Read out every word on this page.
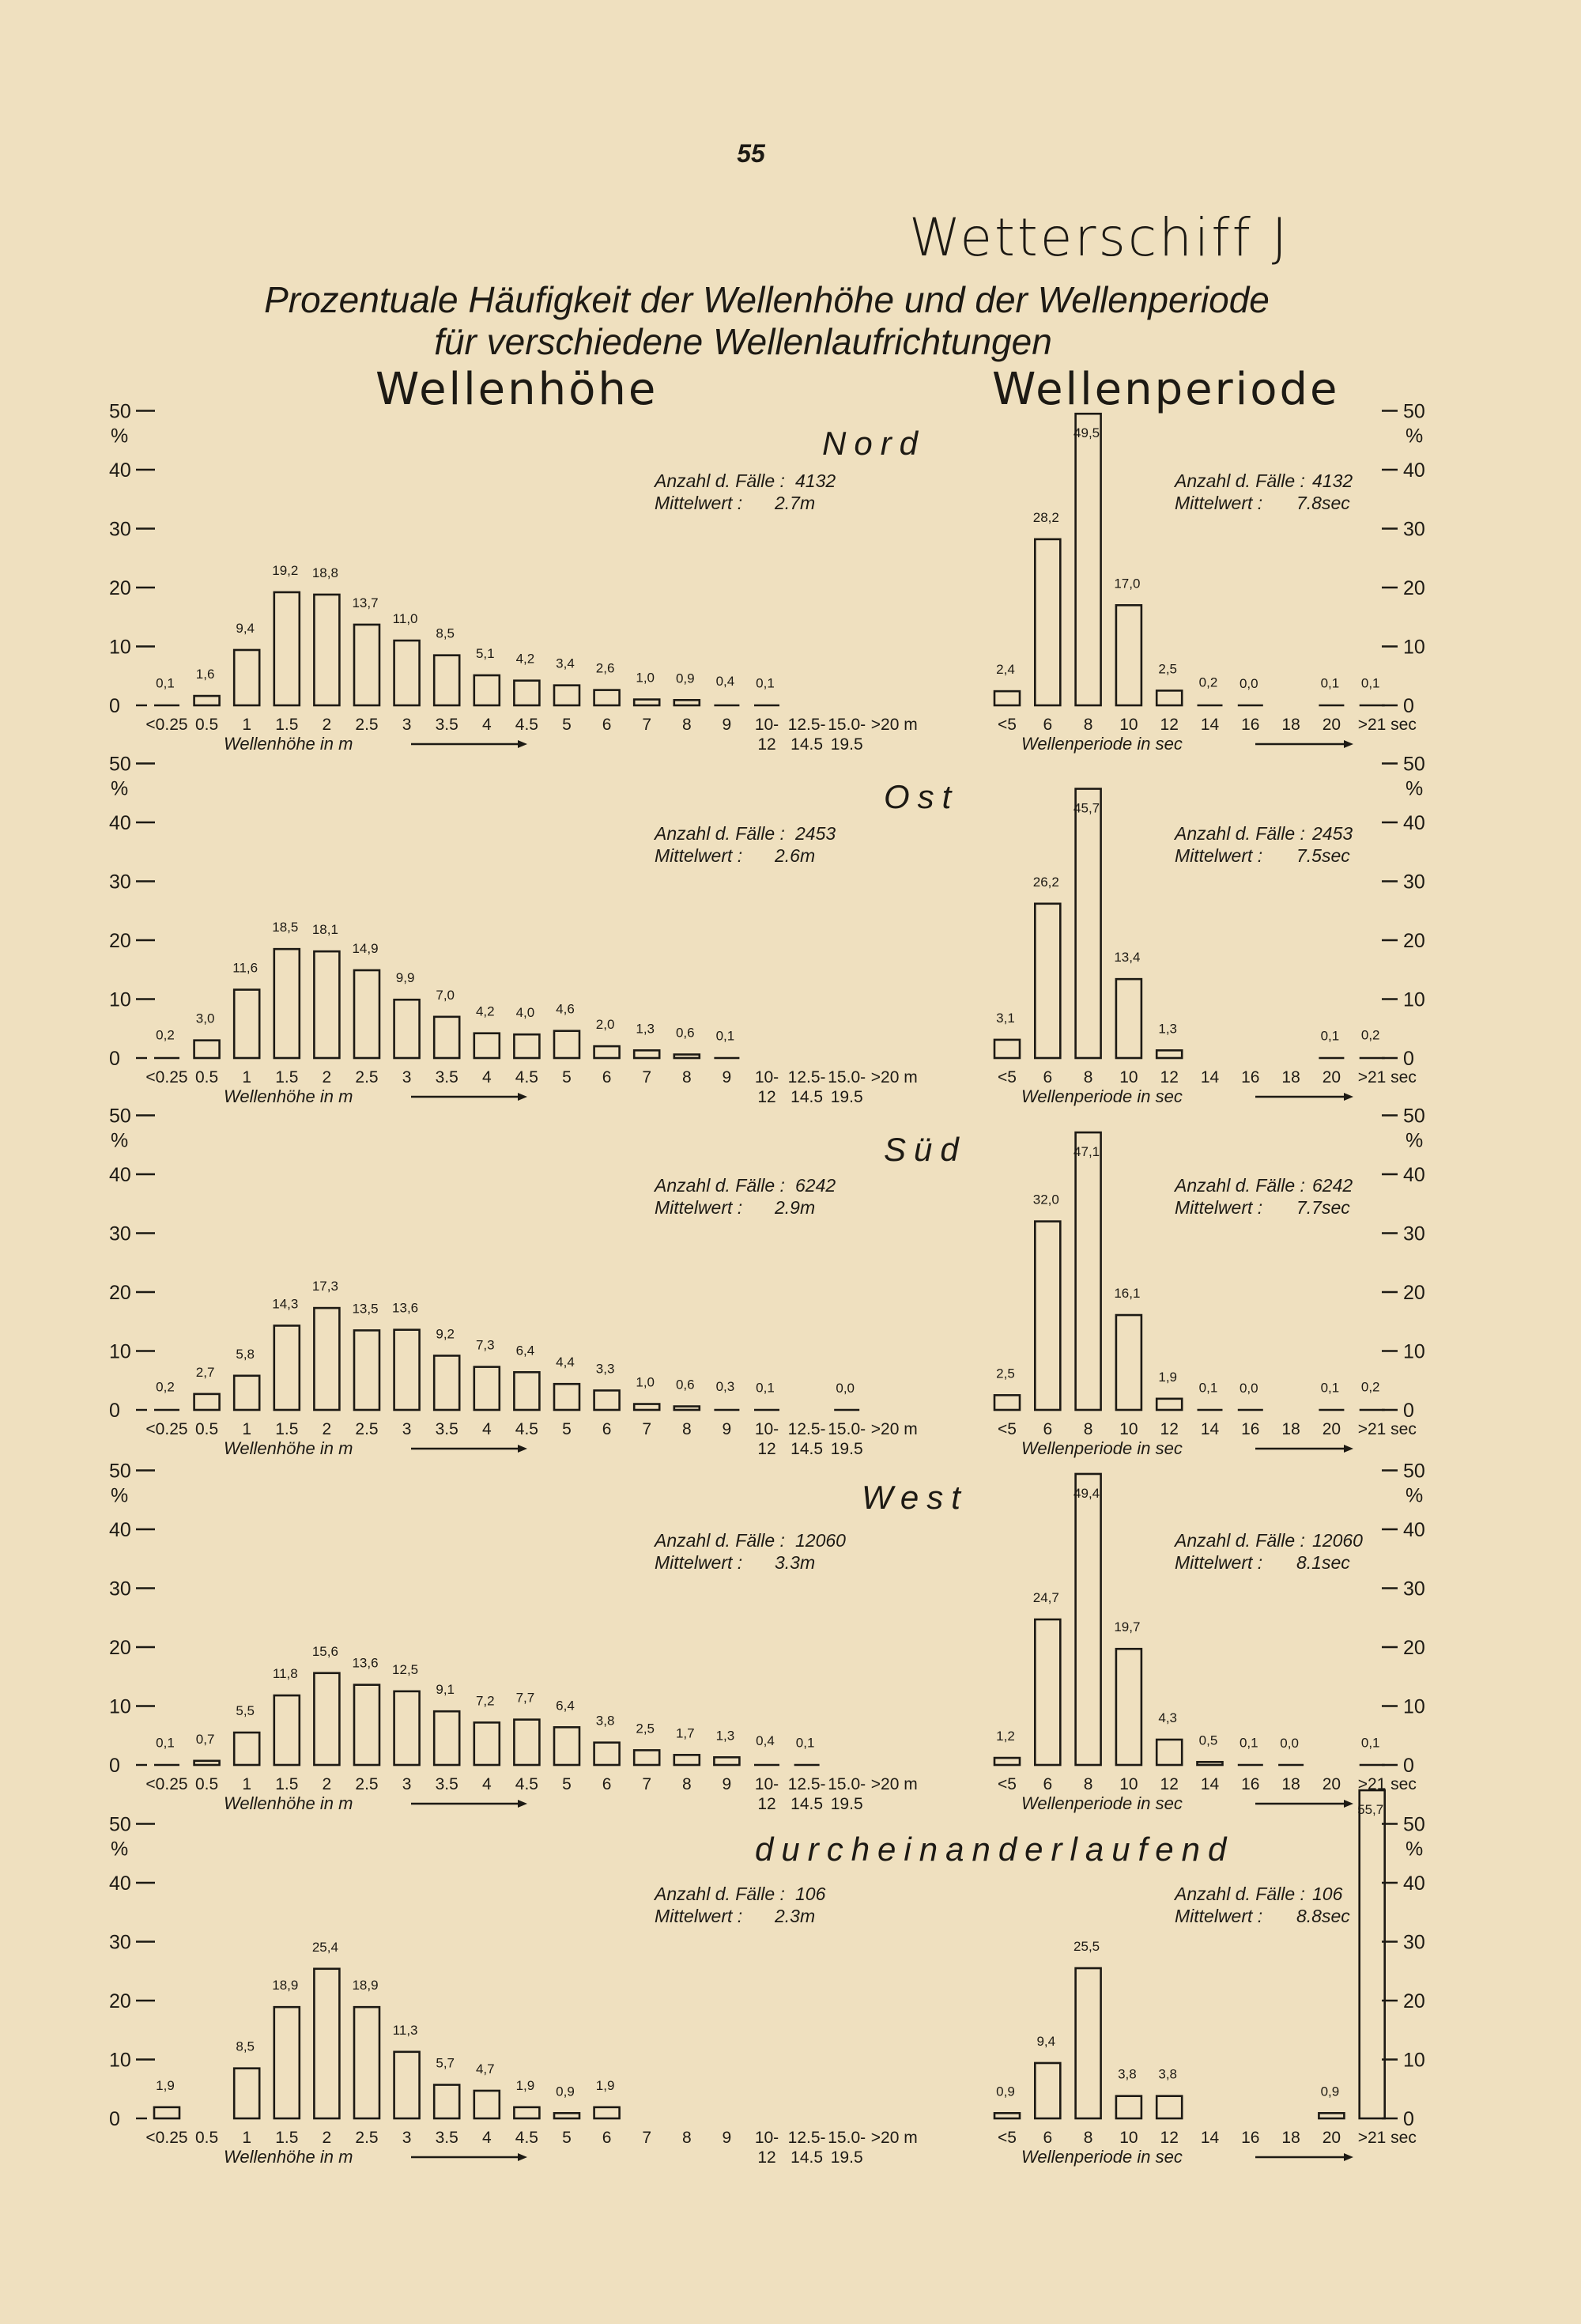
55
Wetterschiff J
Prozentuale Häufigkeit der Wellenhöhe und der Wellenperiode
für verschiedene Wellenlaufrichtungen
Wellenhöhe	Wellenperiode
Nord
Anzahl d. Fälle : 4132
Mittelwert : 2.7m
Anzahl d. Fälle : 4132
Mittelwert : 7.8sec
0	0
10	10
20	20
30	30
40	40
50	50
%	%
0,1
1,6
9,4
19,2 18,8
13,7
11,0
8,5
5,1 4,2 3,4 2,6
1,0 0,9 0,4 0,1
2,4
28,2
49,5
17,0
2,5
0,2 0,0	0,1 0,1
<0.25 0.5 1 1.5 2 2.5 3 3.5 4 4.5 5 6 7 8 9 10-
12
12.5-
14.5
15.0-
19.5
>20 m
Wellenhöhe in m
<5 6 8 10 12 14 16 18 20 >21 sec
Wellenperiode in sec
Ost
Anzahl d. Fälle : 2453
Mittelwert : 2.6m
Anzahl d. Fälle : 2453
Mittelwert : 7.5sec
0	0
10	10
20	20
30	30
40	40
50	50
%	%
0,2
3,0
11,6
18,5 18,1
14,9
9,9
7,0
4,2 4,0 4,6
2,0 1,3 0,6 0,1
3,1
26,2
45,7
13,4
1,3	0,1 0,2
<0.25 0.5 1 1.5 2 2.5 3 3.5 4 4.5 5 6 7 8 9 10-
12
12.5-
14.5
15.0-
19.5
>20 m
Wellenhöhe in m
<5 6 8 10 12 14 16 18 20 >21 sec
Wellenperiode in sec
Süd
Anzahl d. Fälle : 6242
Mittelwert : 2.9m
Anzahl d. Fälle : 6242
Mittelwert : 7.7sec
0	0
10	10
20	20
30	30
40	40
50	50
%	%
0,2
2,7
5,8
14,3
17,3
13,5 13,6
9,2
7,3 6,4
4,4 3,3
1,0 0,6 0,3 0,1	0,0
2,5
32,0
47,1
16,1
1,9
0,1 0,0	0,1 0,2
<0.25 0.5 1 1.5 2 2.5 3 3.5 4 4.5 5 6 7 8 9 10-
12
12.5-
14.5
15.0-
19.5
>20 m
Wellenhöhe in m
<5 6 8 10 12 14 16 18 20 >21 sec
Wellenperiode in sec
West
Anzahl d. Fälle : 12060
Mittelwert : 3.3m
Anzahl d. Fälle : 12060
Mittelwert : 8.1sec
0	0
10	10
20	20
30	30
40	40
50	50
%	%
0,1 0,7
5,5
11,8
15,6
13,6 12,5
9,1
7,2 7,7
6,4
3,8
2,5 1,7 1,3 0,4 0,1	1,2
24,7
49,4
19,7
4,3
0,5 0,1 0,0	0,1
<0.25 0.5 1 1.5 2 2.5 3 3.5 4 4.5 5 6 7 8 9 10-
12
12.5-
14.5
15.0-
19.5
>20 m
Wellenhöhe in m
<5 6 8 10 12 14 16 18 20 >21 sec
Wellenperiode in sec
durcheinanderlaufend
Anzahl d. Fälle : 106
Mittelwert : 2.3m
Anzahl d. Fälle : 106
Mittelwert : 8.8sec
0	0
10	10
20	20
30	30
40	40
50	50
%	%
1,9
8,5
18,9
25,4
18,9
11,3
5,7 4,7
1,9 0,9 1,9	0,9
9,4
25,5
3,8 3,8
0,9
55,7
<0.25 0.5 1 1.5 2 2.5 3 3.5 4 4.5 5 6 7 8 9 10-
12
12.5-
14.5
15.0-
19.5
>20 m
Wellenhöhe in m
<5 6 8 10 12 14 16 18 20 >21 sec
Wellenperiode in sec
